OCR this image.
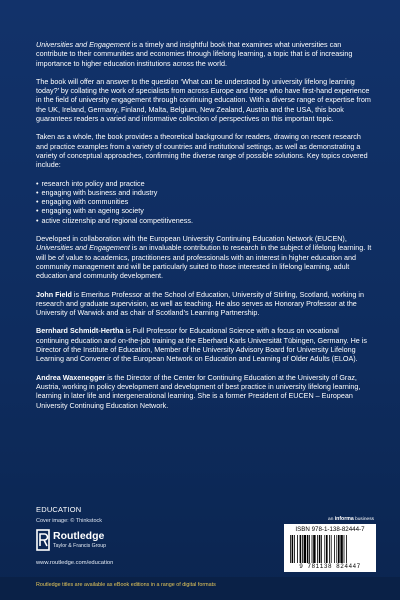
Universities and Engagement is a timely and insightful book that examines what universities can contribute to their communities and economies through lifelong learning, a topic that is of increasing importance to higher education institutions across the world.

The book will offer an answer to the question ‘What can be understood by university lifelong learning today?’ by collating the work of specialists from across Europe and those who have first-hand experience in the field of university engagement through continuing education. With a diverse range of expertise from the UK, Ireland, Germany, Finland, Malta, Belgium, New Zealand, Austria and the USA, this book guarantees readers a varied and informative collection of perspectives on this important topic.

Taken as a whole, the book provides a theoretical background for readers, drawing on recent research and practice examples from a variety of countries and institutional settings, as well as demonstrating a variety of conceptual approaches, confirming the diverse range of possible solutions. Key topics covered include:

• research into policy and practice
• engaging with business and industry
• engaging with communities
• engaging with an ageing society
• active citizenship and regional competitiveness.

Developed in collaboration with the European University Continuing Education Network (EUCEN), Universities and Engagement is an invaluable contribution to research in the subject of lifelong learning. It will be of value to academics, practitioners and professionals with an interest in higher education and community management and will be particularly suited to those interested in lifelong learning, adult education and community development.

John Field is Emeritus Professor at the School of Education, University of Stirling, Scotland, working in research and graduate supervision, as well as teaching. He also serves as Honorary Professor at the University of Warwick and as chair of Scotland’s Learning Partnership.

Bernhard Schmidt-Hertha is Full Professor for Educational Science with a focus on vocational continuing education and on-the-job training at the Eberhard Karls Universität Tübingen, Germany. He is Director of the Institute of Education, Member of the University Advisory Board for University Lifelong Learning and Convener of the European Network on Education and Learning of Older Adults (ELOA).

Andrea Waxenegger is the Director of the Center for Continuing Education at the University of Graz, Austria, working in policy development and development of best practice in university lifelong learning, learning in later life and intergenerational learning. She is a former President of EUCEN – European University Continuing Education Network.

EDUCATION
Cover image: © Thinkstock
Routledge
Taylor & Francis Group
www.routledge.com/education
an informa business
ISBN 978-1-138-82444-7
9 781138 824447
Routledge titles are available as eBook editions in a range of digital formats
